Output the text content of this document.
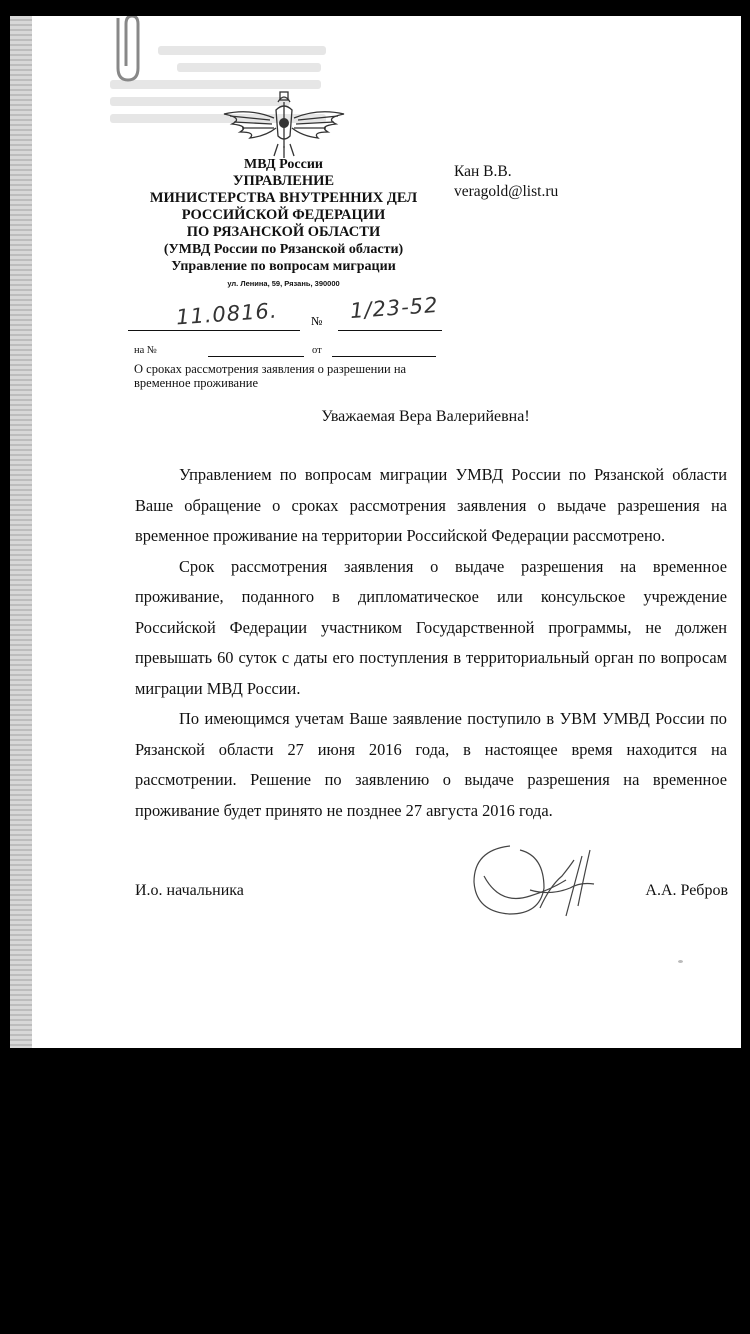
МВД России
УПРАВЛЕНИЕ
МИНИСТЕРСТВА ВНУТРЕННИХ ДЕЛ
РОССИЙСКОЙ ФЕДЕРАЦИИ
ПО РЯЗАНСКОЙ ОБЛАСТИ
(УМВД России по Рязанской области)
Управление по вопросам миграции
ул. Ленина, 59, Рязань, 390000
Кан В.В.
veragold@list.ru
11.0816.	№ 1/23-52
на №	от
О сроках рассмотрения заявления о разрешении на временное проживание
Уважаемая Вера Валерийевна!

Управлением по вопросам миграции УМВД России по Рязанской области Ваше обращение о сроках рассмотрения заявления о выдаче разрешения на временное проживание на территории Российской Федерации рассмотрено.

Срок рассмотрения заявления о выдаче разрешения на временное проживание, поданного в дипломатическое или консульское учреждение Российской Федерации участником Государственной программы, не должен превышать 60 суток с даты его поступления в территориальный орган по вопросам миграции МВД России.

По имеющимся учетам Ваше заявление поступило в УВМ УМВД России по Рязанской области 27 июня 2016 года, в настоящее время находится на рассмотрении. Решение по заявлению о выдаче разрешения на временное проживание будет принято не позднее 27 августа 2016 года.

И.о. начальника	А.А. Ребров
